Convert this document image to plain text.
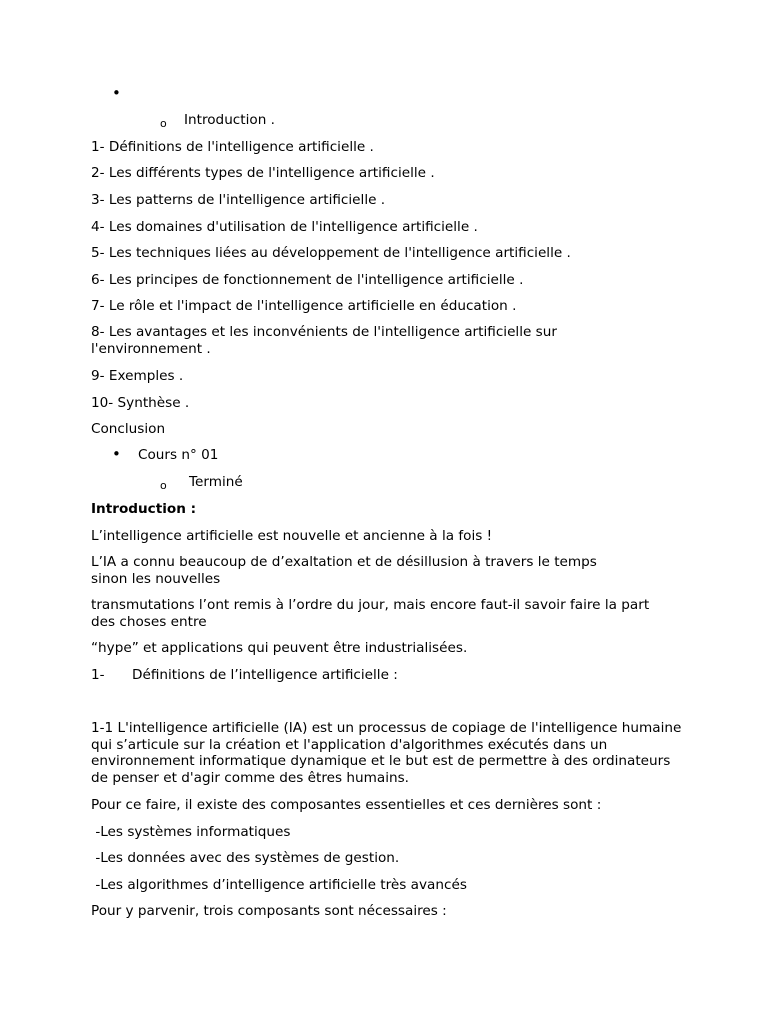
•
o Introduction .
1- Définitions de l'intelligence artificielle .
2- Les différents types de l'intelligence artificielle .
3- Les patterns de l'intelligence artificielle .
4- Les domaines d'utilisation de l'intelligence artificielle .
5- Les techniques liées au développement de l'intelligence artificielle .
6- Les principes de fonctionnement de l'intelligence artificielle .
7- Le rôle et l'impact de l'intelligence artificielle en éducation .
8- Les avantages et les inconvénients de l'intelligence artificielle sur l'environnement .
9- Exemples .
10- Synthèse .
Conclusion
• Cours n° 01
o Terminé
Introduction :
L’intelligence artificielle est nouvelle et ancienne à la fois !
L’IA a connu beaucoup de d’exaltation et de désillusion à travers le temps sinon les nouvelles
transmutations l’ont remis à l’ordre du jour, mais encore faut-il savoir faire la part des choses entre
“hype” et applications qui peuvent être industrialisées.
1- Définitions de l’intelligence artificielle :
1-1 L'intelligence artificielle (IA) est un processus de copiage de l'intelligence humaine qui s’articule sur la création et l'application d'algorithmes exécutés dans un environnement informatique dynamique et le but est de permettre à des ordinateurs de penser et d'agir comme des êtres humains.
Pour ce faire, il existe des composantes essentielles et ces dernières sont :
-Les systèmes informatiques
-Les données avec des systèmes de gestion.
-Les algorithmes d’intelligence artificielle très avancés
Pour y parvenir, trois composants sont nécessaires :
